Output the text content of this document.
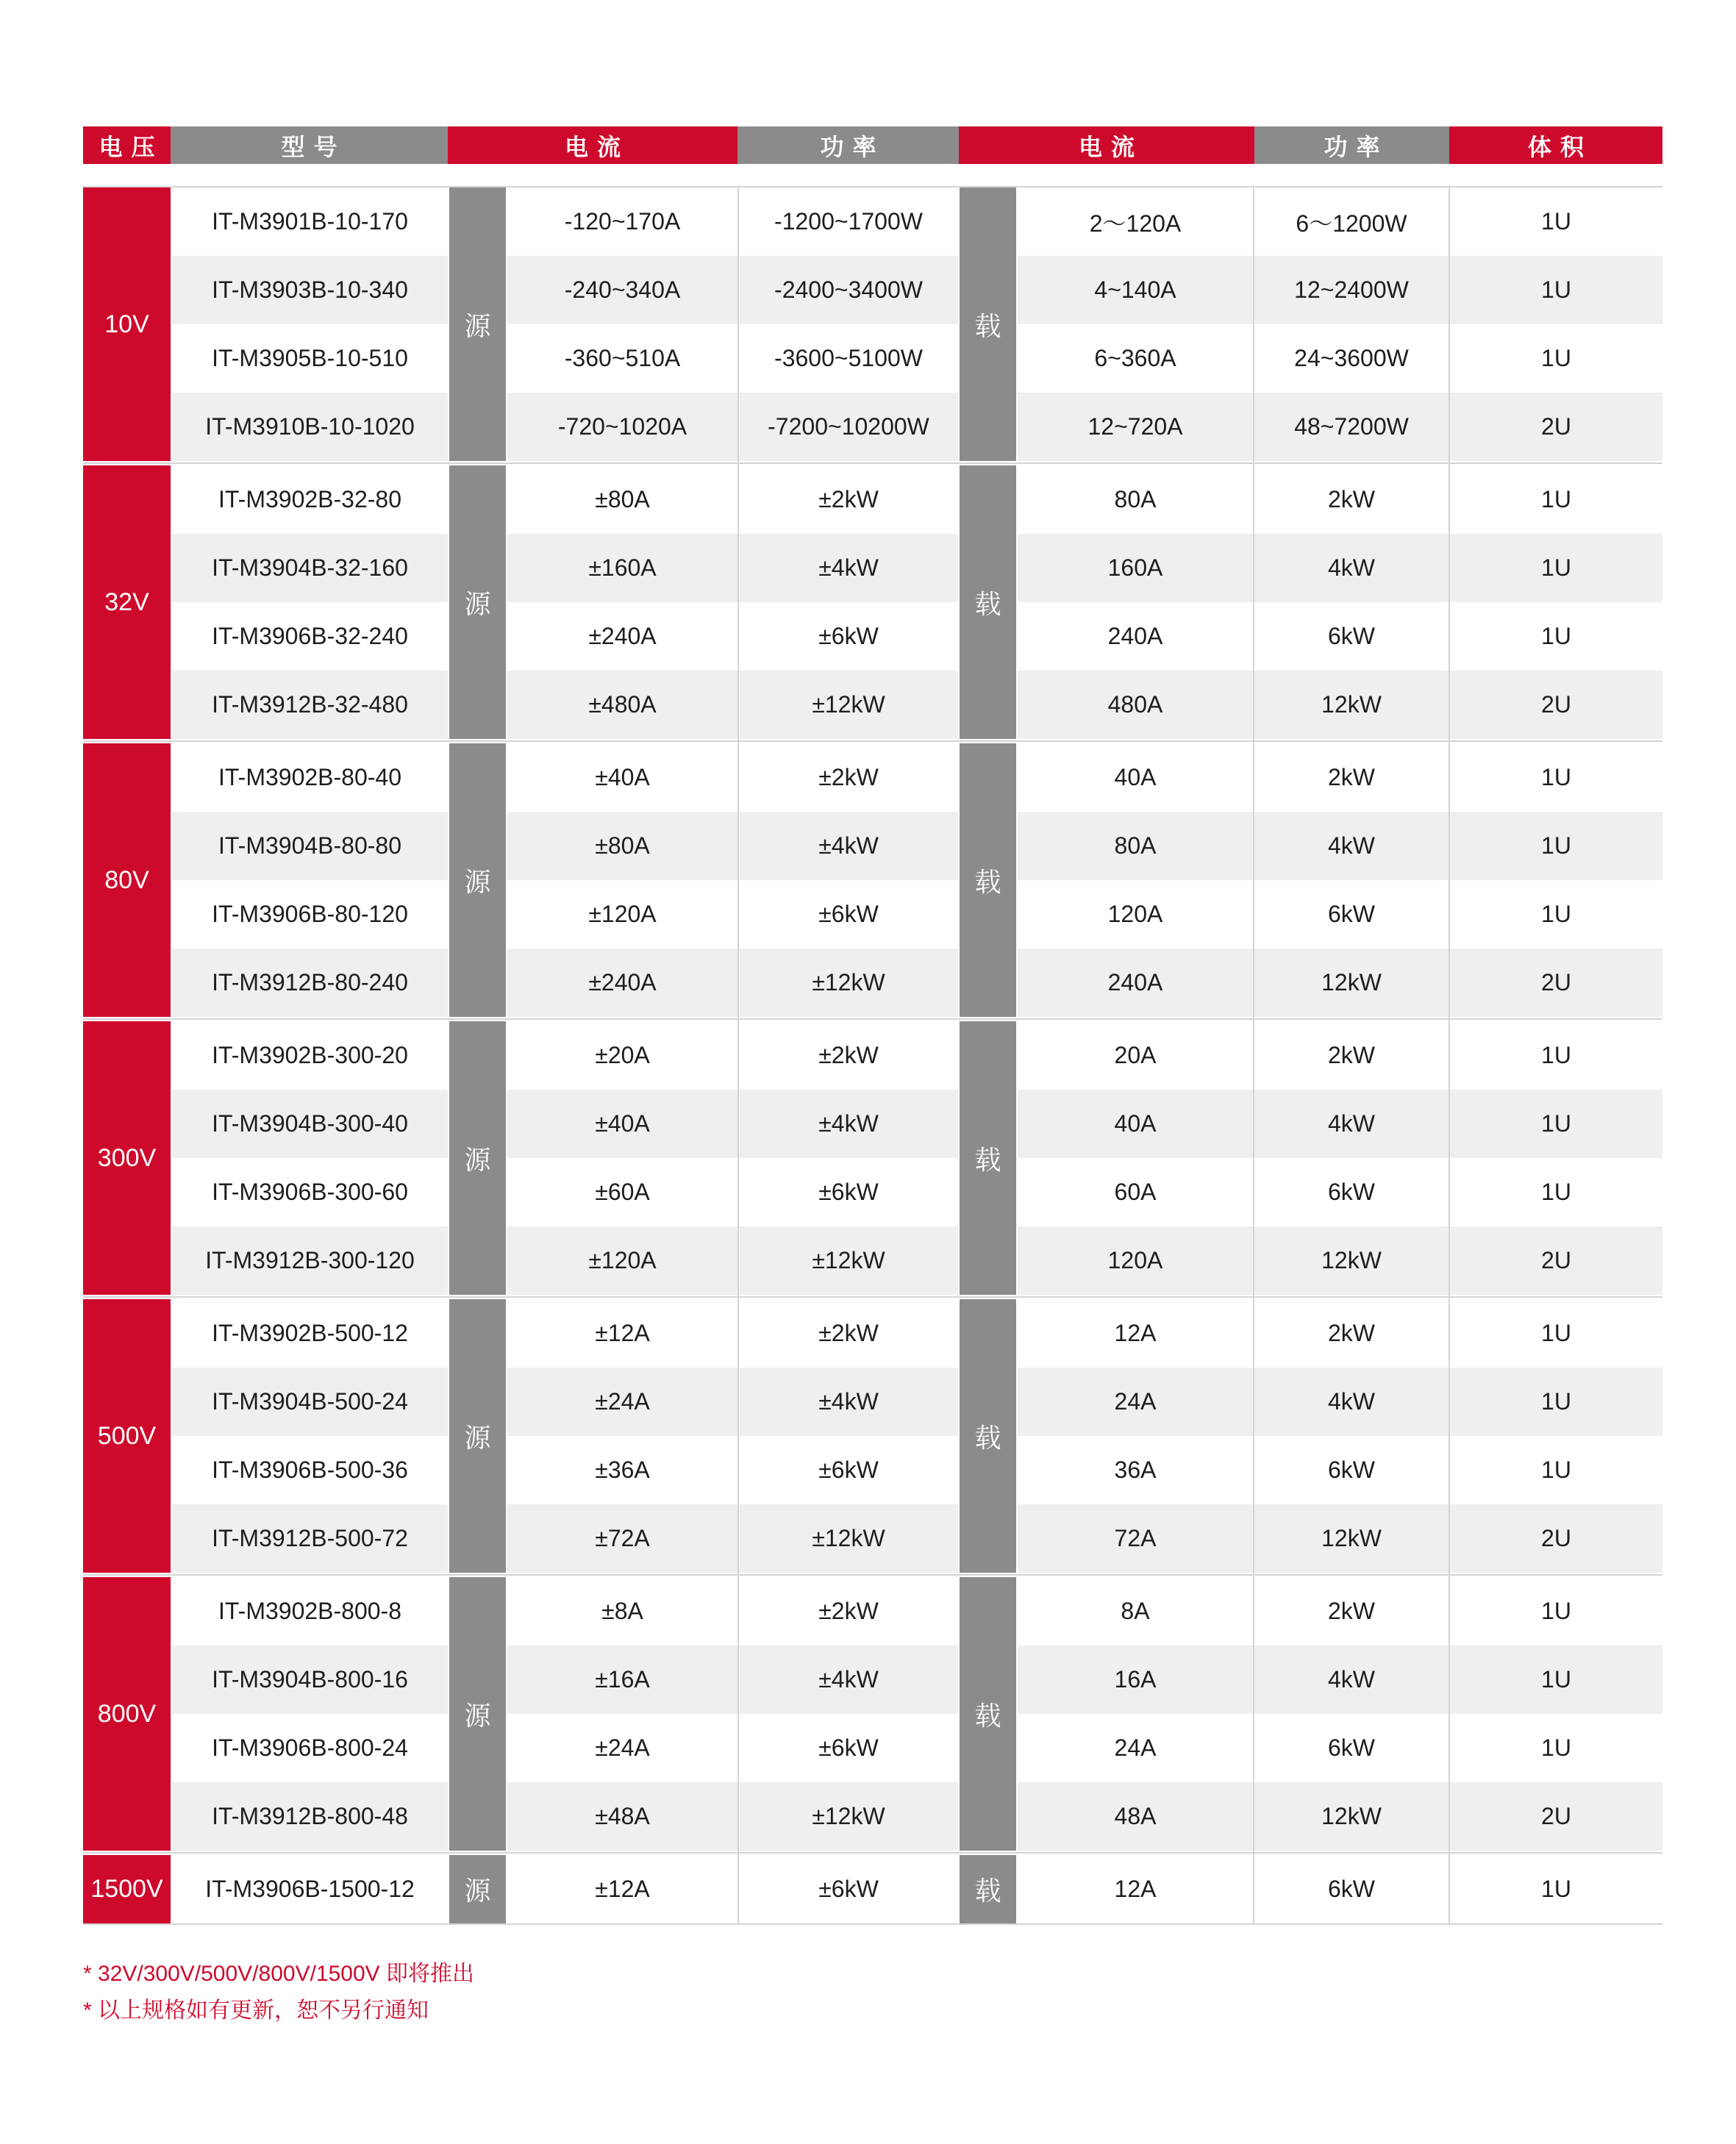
电压	型号	电流	功率	电流	功率	体积
10V	源	载
IT-M3901B-10-170	-120~170A	-1200~1700W	2～120A	6～1200W	1U
IT-M3903B-10-340	-240~340A	-2400~3400W	4~140A	12~2400W	1U
IT-M3905B-10-510	-360~510A	-3600~5100W	6~360A	24~3600W	1U
IT-M3910B-10-1020	-720~1020A	-7200~10200W	12~720A	48~7200W	2U
32V	源	载
IT-M3902B-32-80	±80A	±2kW	80A	2kW	1U
IT-M3904B-32-160	±160A	±4kW	160A	4kW	1U
IT-M3906B-32-240	±240A	±6kW	240A	6kW	1U
IT-M3912B-32-480	±480A	±12kW	480A	12kW	2U
80V	源	载
IT-M3902B-80-40	±40A	±2kW	40A	2kW	1U
IT-M3904B-80-80	±80A	±4kW	80A	4kW	1U
IT-M3906B-80-120	±120A	±6kW	120A	6kW	1U
IT-M3912B-80-240	±240A	±12kW	240A	12kW	2U
300V	源	载
IT-M3902B-300-20	±20A	±2kW	20A	2kW	1U
IT-M3904B-300-40	±40A	±4kW	40A	4kW	1U
IT-M3906B-300-60	±60A	±6kW	60A	6kW	1U
IT-M3912B-300-120	±120A	±12kW	120A	12kW	2U
500V	源	载
IT-M3902B-500-12	±12A	±2kW	12A	2kW	1U
IT-M3904B-500-24	±24A	±4kW	24A	4kW	1U
IT-M3906B-500-36	±36A	±6kW	36A	6kW	1U
IT-M3912B-500-72	±72A	±12kW	72A	12kW	2U
800V	源	载
IT-M3902B-800-8	±8A	±2kW	8A	2kW	1U
IT-M3904B-800-16	±16A	±4kW	16A	4kW	1U
IT-M3906B-800-24	±24A	±6kW	24A	6kW	1U
IT-M3912B-800-48	±48A	±12kW	48A	12kW	2U
1500V	源	载
IT-M3906B-1500-12	±12A	±6kW	12A	6kW	1U
* 32V/300V/500V/800V/1500V 即将推出
* 以上规格如有更新，恕不另行通知
